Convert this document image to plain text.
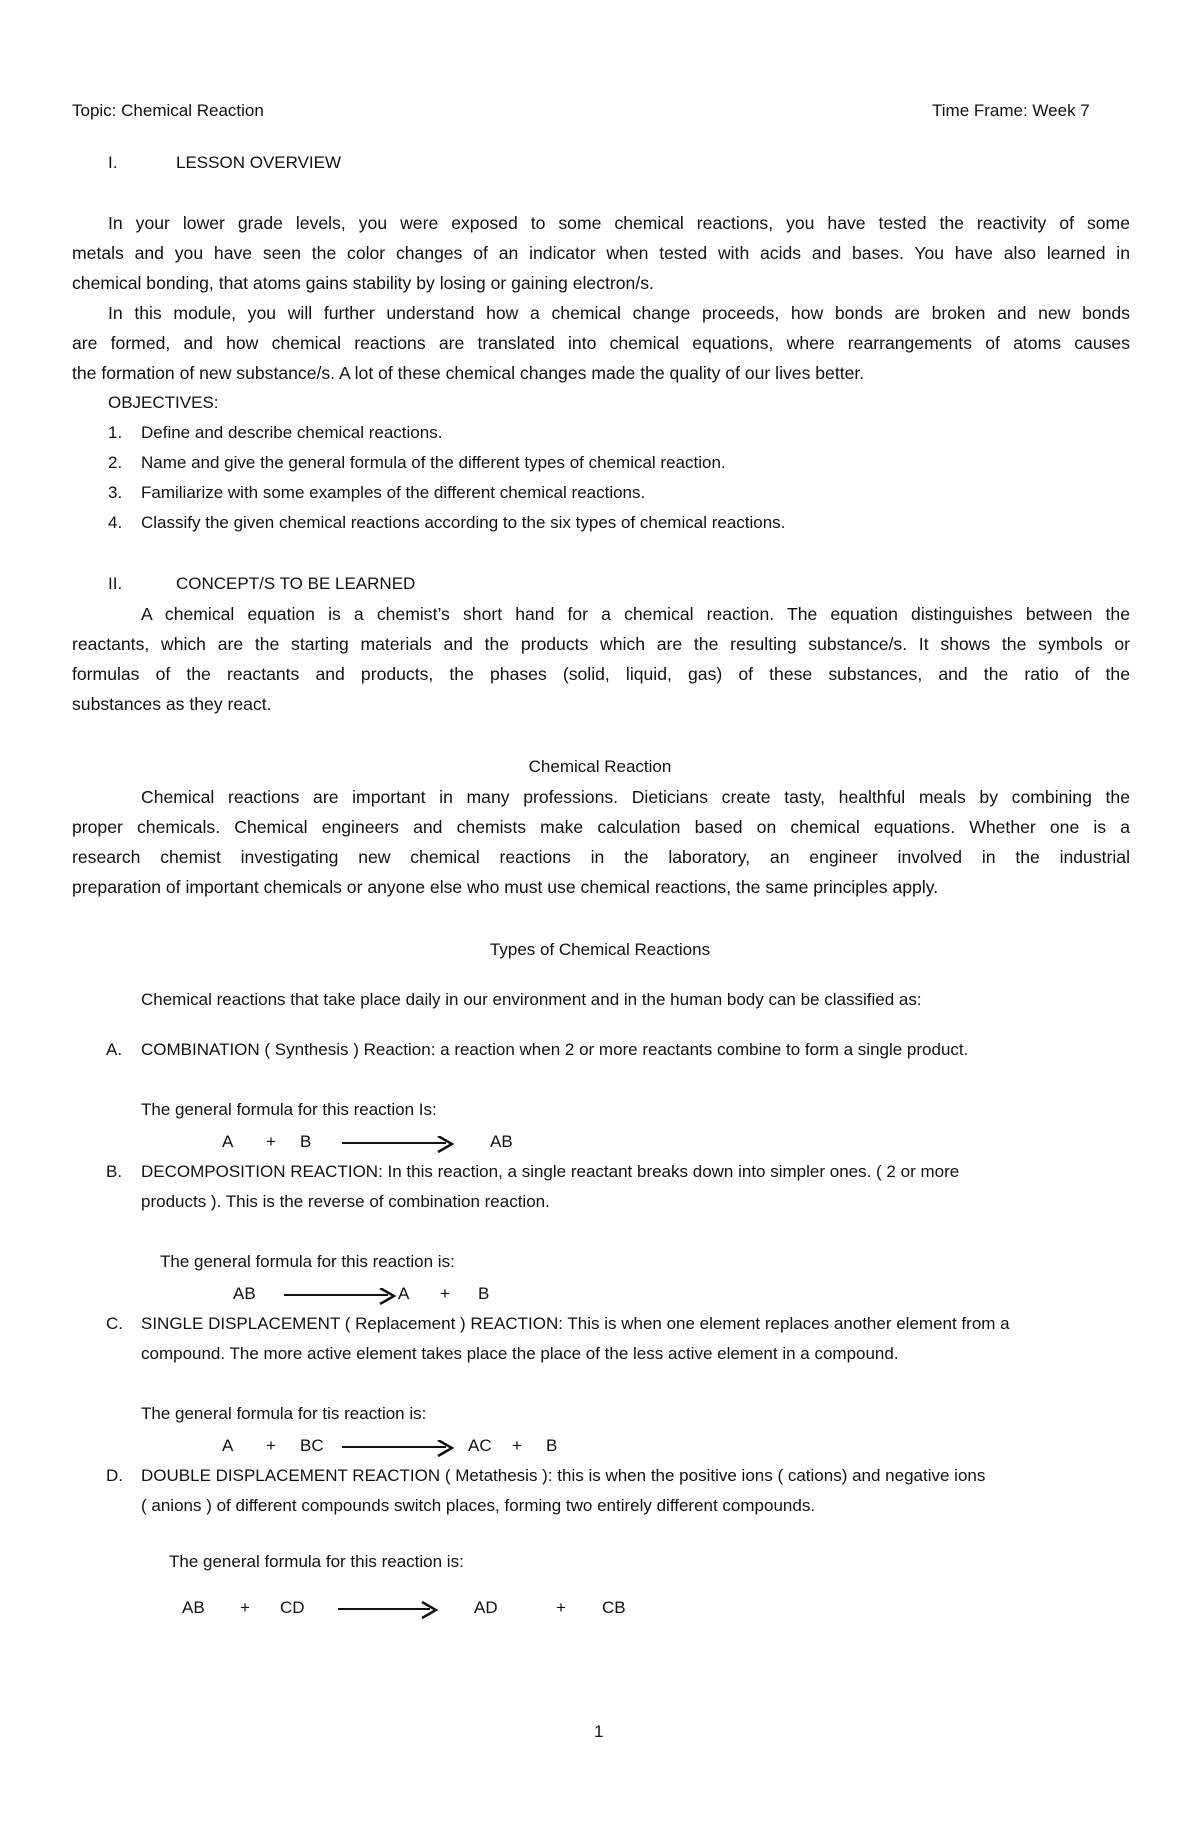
Topic: Chemical Reaction	Time Frame: Week 7
I.	LESSON OVERVIEW
In your lower grade levels, you were exposed to some chemical reactions, you have tested the reactivity of some
metals and you have seen the color changes of an indicator when tested with acids and bases. You have also learned in
chemical bonding, that atoms gains stability by losing or gaining electron/s.
In this module, you will further understand how a chemical change proceeds, how bonds are broken and new bonds
are formed, and how chemical reactions are translated into chemical equations, where rearrangements of atoms causes
the formation of new substance/s. A lot of these chemical changes made the quality of our lives better.
OBJECTIVES:
1. Define and describe chemical reactions.
2. Name and give the general formula of the different types of chemical reaction.
3. Familiarize with some examples of the different chemical reactions.
4. Classify the given chemical reactions according to the six types of chemical reactions.
II.	CONCEPT/S TO BE LEARNED
A chemical equation is a chemist’s short hand for a chemical reaction. The equation distinguishes between the
reactants, which are the starting materials and the products which are the resulting substance/s. It shows the symbols or
formulas of the reactants and products, the phases (solid, liquid, gas) of these substances, and the ratio of the
substances as they react.
Chemical Reaction
Chemical reactions are important in many professions. Dieticians create tasty, healthful meals by combining the
proper chemicals. Chemical engineers and chemists make calculation based on chemical equations. Whether one is a
research chemist investigating new chemical reactions in the laboratory, an engineer involved in the industrial
preparation of important chemicals or anyone else who must use chemical reactions, the same principles apply.
Types of Chemical Reactions
Chemical reactions that take place daily in our environment and in the human body can be classified as:
A. COMBINATION ( Synthesis ) Reaction: a reaction when 2 or more reactants combine to form a single product.
The general formula for this reaction Is:
A + B	AB
B. DECOMPOSITION REACTION: In this reaction, a single reactant breaks down into simpler ones. ( 2 or more
products ). This is the reverse of combination reaction.
The general formula for this reaction is:
AB	A + B
C. SINGLE DISPLACEMENT ( Replacement ) REACTION: This is when one element replaces another element from a
compound. The more active element takes place the place of the less active element in a compound.
The general formula for tis reaction is:
A + BC	AC + B
D. DOUBLE DISPLACEMENT REACTION ( Metathesis ): this is when the positive ions ( cations) and negative ions
( anions ) of different compounds switch places, forming two entirely different compounds.
The general formula for this reaction is:
AB + CD	AD	+ CB
1
